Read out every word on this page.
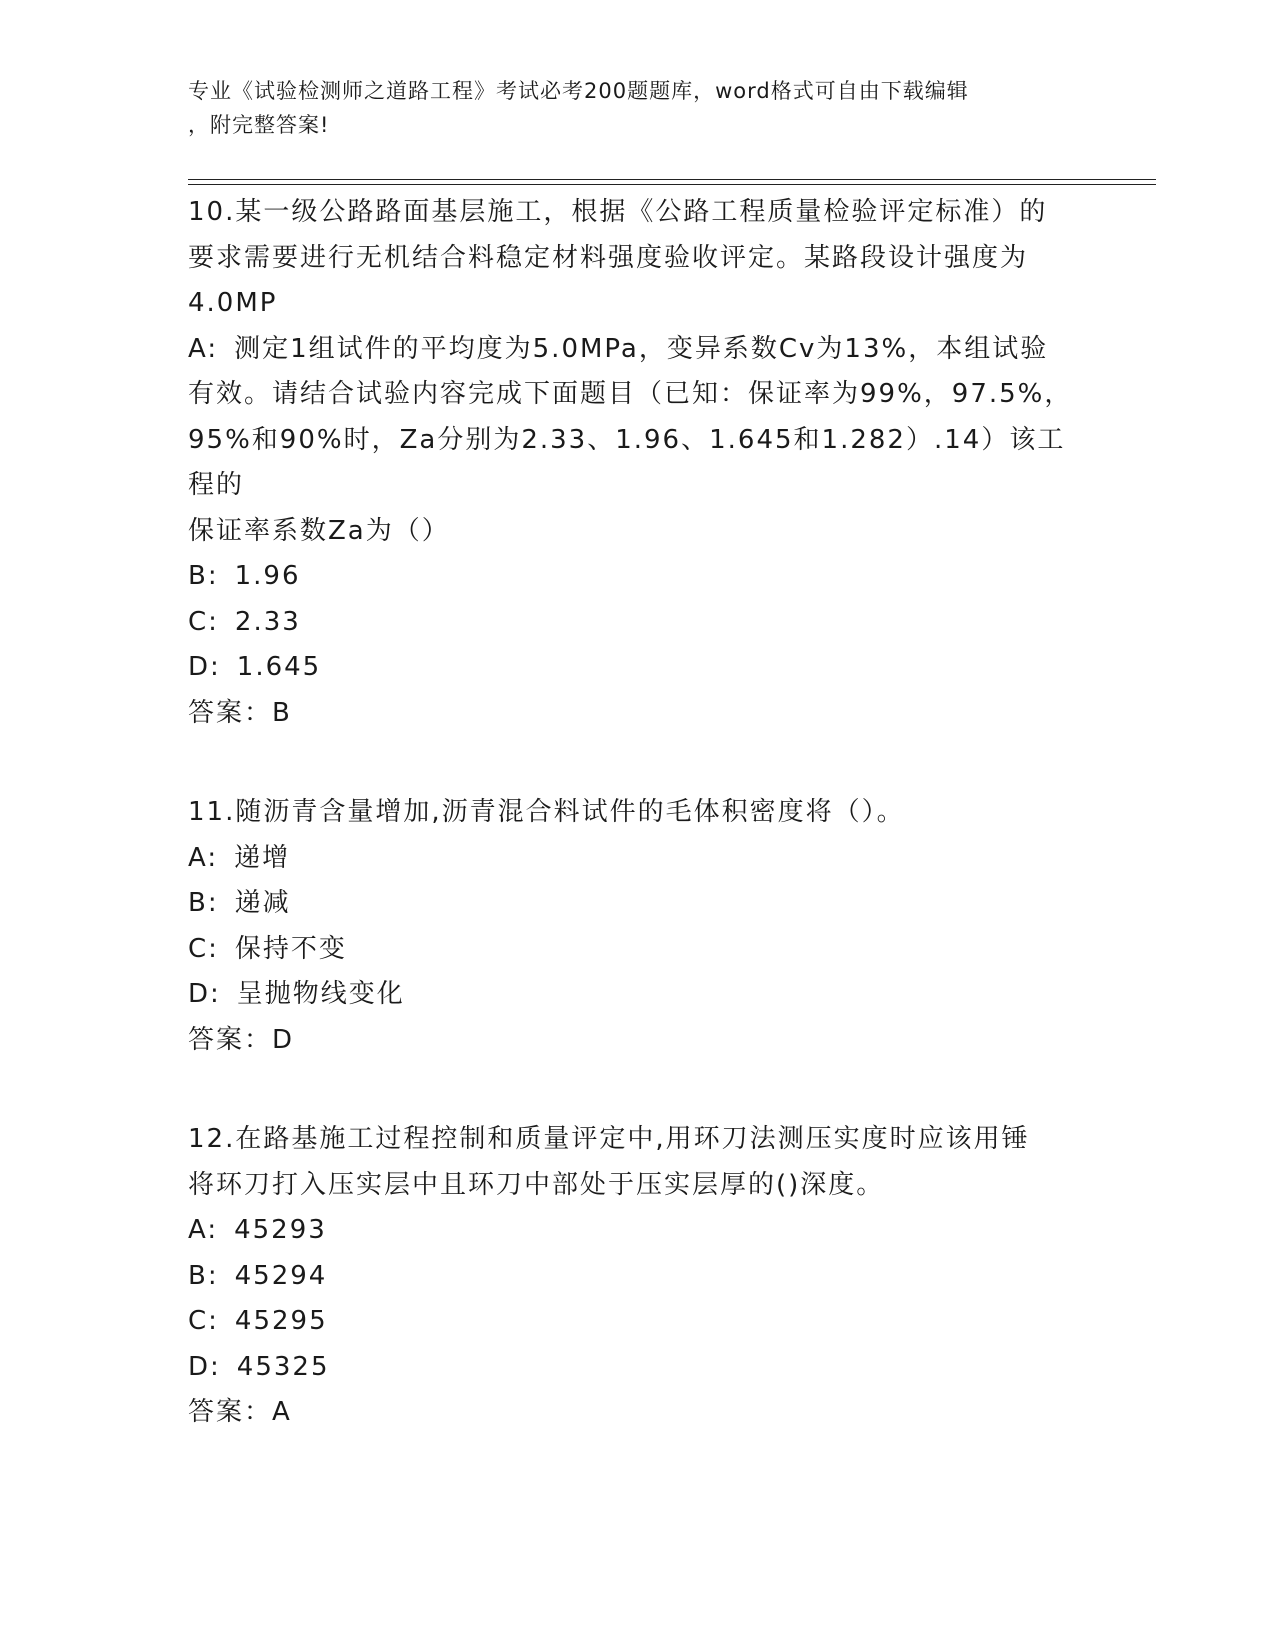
专业《试验检测师之道路工程》考试必考200题题库，word格式可自由下载编辑
，附完整答案!
10.某一级公路路面基层施工，根据《公路工程质量检验评定标准）的
要求需要进行无机结合料稳定材料强度验收评定。某路段设计强度为
4.0MP
A: 测定1组试件的平均度为5.0MPa，变异系数Cv为13%，本组试验
有效。请结合试验内容完成下面题目（已知：保证率为99%，97.5%，
95%和90%时，Za分别为2.33、1.96、1.645和1.282）.14）该工程的
保证率系数Za为（）
B: 1.96
C: 2.33
D: 1.645
答案：B
11.随沥青含量增加,沥青混合料试件的毛体积密度将（）。
A: 递增
B: 递减
C: 保持不变
D: 呈抛物线变化
答案：D
12.在路基施工过程控制和质量评定中,用环刀法测压实度时应该用锤
将环刀打入压实层中且环刀中部处于压实层厚的()深度。
A: 45293
B: 45294
C: 45295
D: 45325
答案：A
